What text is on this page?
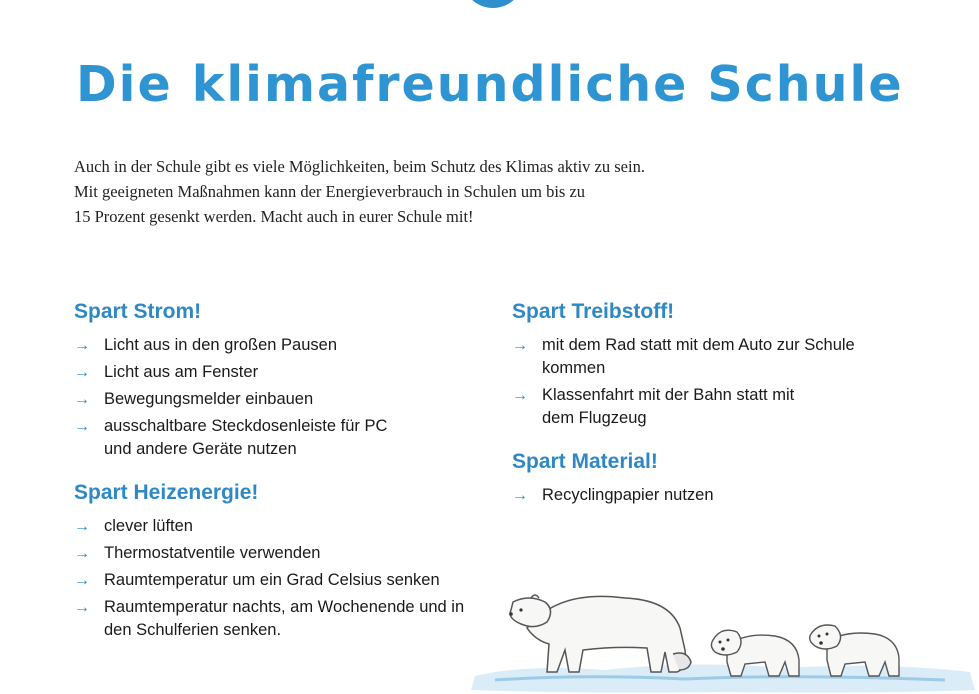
Die klimafreundliche Schule
Auch in der Schule gibt es viele Möglichkeiten, beim Schutz des Klimas aktiv zu sein.
Mit geeigneten Maßnahmen kann der Energieverbrauch in Schulen um bis zu
15 Prozent gesenkt werden. Macht auch in eurer Schule mit!
Spart Strom!
→ Licht aus in den großen Pausen
→ Licht aus am Fenster
→ Bewegungsmelder einbauen
→ ausschaltbare Steckdosenleiste für PC und andere Geräte nutzen
Spart Heizenergie!
→ clever lüften
→ Thermostatventile verwenden
→ Raumtemperatur um ein Grad Celsius senken
→ Raumtemperatur nachts, am Wochenende und in den Schulferien senken.
Spart Treibstoff!
→ mit dem Rad statt mit dem Auto zur Schule kommen
→ Klassenfahrt mit der Bahn statt mit dem Flugzeug
Spart Material!
→ Recyclingpapier nutzen
